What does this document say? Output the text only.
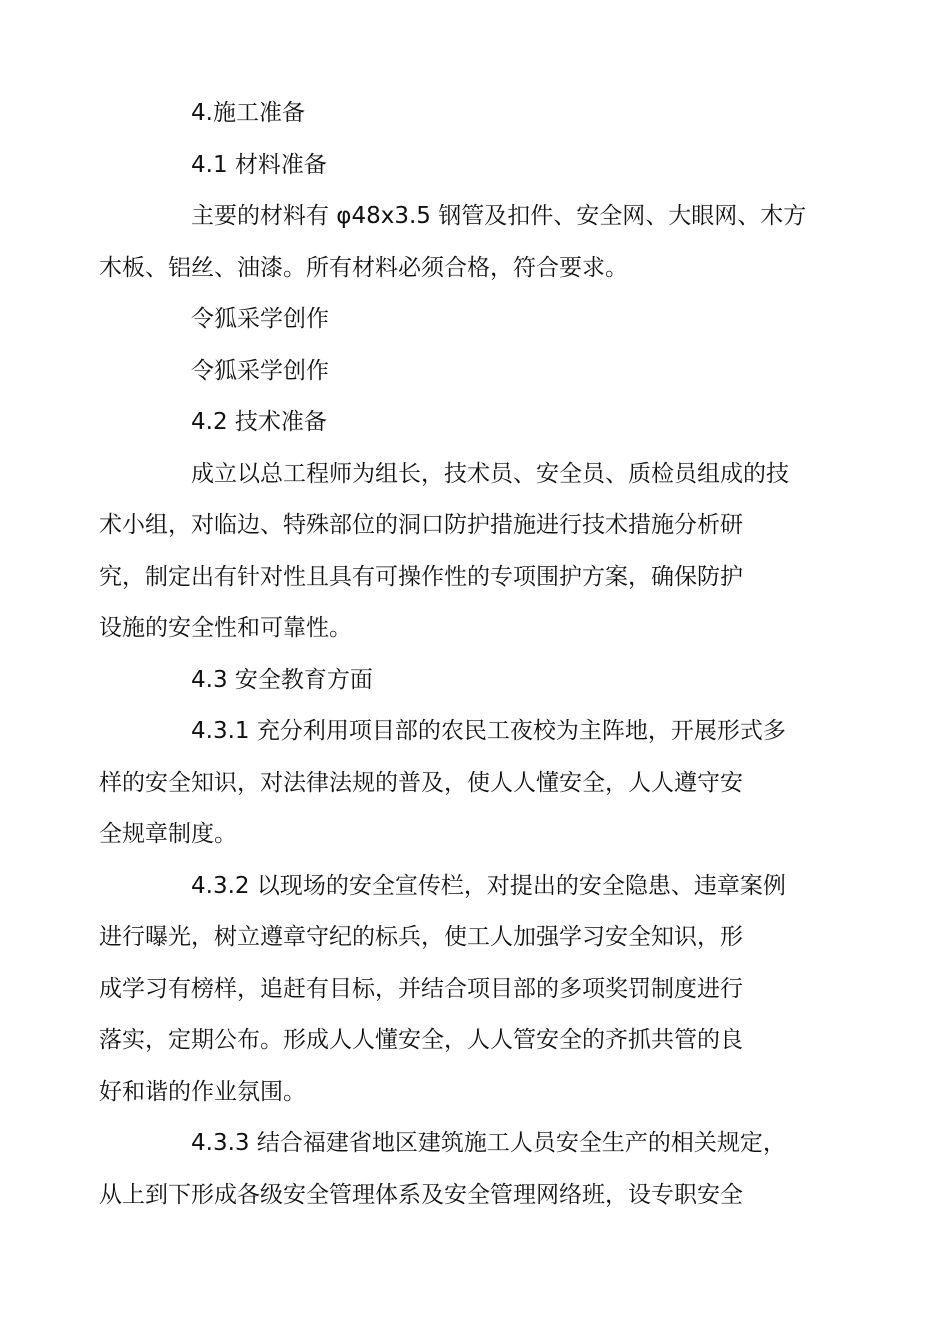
4.施工准备

4.1 材料准备

主要的材料有 φ48x3.5 钢管及扣件、安全网、大眼网、木方
木板、铝丝、油漆。所有材料必须合格，符合要求。

令狐采学创作

令狐采学创作

4.2 技术准备

成立以总工程师为组长，技术员、安全员、质检员组成的技
术小组，对临边、特殊部位的洞口防护措施进行技术措施分析研
究，制定出有针对性且具有可操作性的专项围护方案，确保防护
设施的安全性和可靠性。

4.3 安全教育方面

4.3.1 充分利用项目部的农民工夜校为主阵地，开展形式多
样的安全知识，对法律法规的普及，使人人懂安全，人人遵守安
全规章制度。

4.3.2 以现场的安全宣传栏，对提出的安全隐患、违章案例
进行曝光，树立遵章守纪的标兵，使工人加强学习安全知识，形
成学习有榜样，追赶有目标，并结合项目部的多项奖罚制度进行
落实，定期公布。形成人人懂安全，人人管安全的齐抓共管的良
好和谐的作业氛围。

4.3.3 结合福建省地区建筑施工人员安全生产的相关规定，
从上到下形成各级安全管理体系及安全管理网络班，设专职安全
